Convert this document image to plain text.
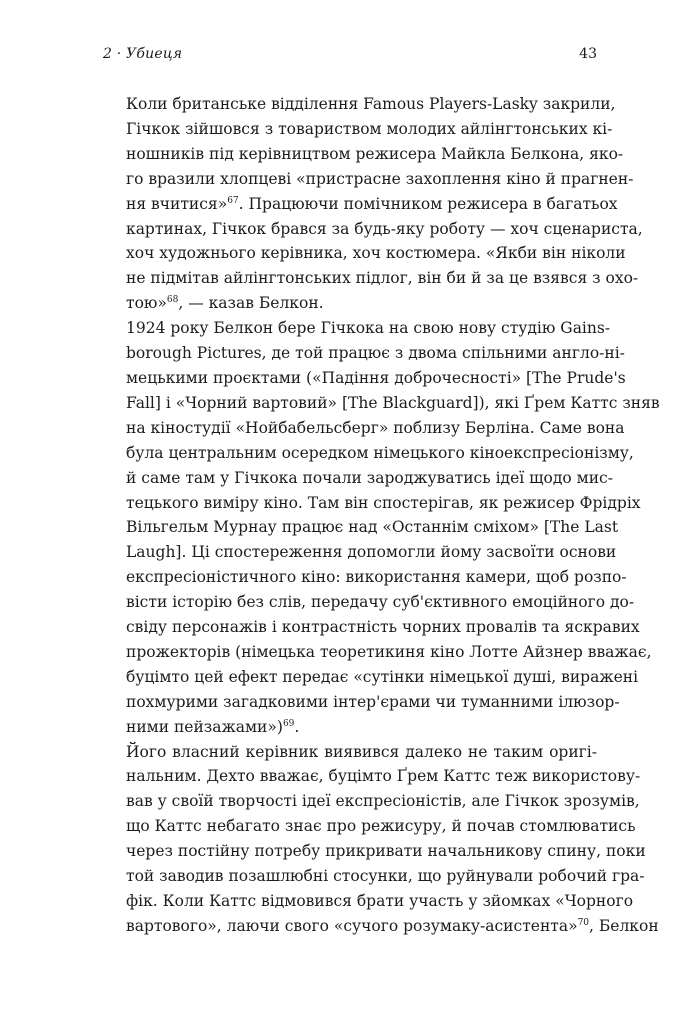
2 · Убиеця	43

Коли британське відділення Famous Players-Lasky закрили,
Гічкок зійшовся з товариством молодих айлінгтонських кі-
ношників під керівництвом режисера Майкла Белкона, яко-
го вразили хлопцеві «пристрасне захоплення кіно й прагнен-
ня вчитися»$^{67}$. Працюючи помічником режисера в багатьох
картинах, Гічкок брався за будь-яку роботу — хоч сценариста,
хоч художнього керівника, хоч костюмера. «Якби він ніколи
не підмітав айлінгтонських підлог, він би й за це взявся з охо-
тою»$^{68}$, — казав Белкон.

1924 року Белкон бере Гічкока на свою нову студію Gains-
borough Pictures, де той працює з двома спільними англо-ні-
мецькими проєктами («Падіння доброчесності» [The Prude's
Fall] і «Чорний вартовий» [The Blackguard]), які Ґрем Каттс зняв
на кіностудії «Нойбабельсберг» поблизу Берліна. Саме вона
була центральним осередком німецького кіноекспресіонізму,
й саме там у Гічкока почали зароджуватись ідеї щодо мис-
тецького виміру кіно. Там він спостерігав, як режисер Фрідріх
Вільгельм Мурнау працює над «Останнім сміхом» [The Last
Laugh]. Ці спостереження допомогли йому засвоїти основи
експресіоністичного кіно: використання камери, щоб розпо-
вісти історію без слів, передачу суб'єктивного емоційного до-
свіду персонажів і контрастність чорних провалів та яскравих
прожекторів (німецька теоретикиня кіно Лотте Айзнер вважає,
буцімто цей ефект передає «сутінки німецької душі, виражені
похмурими загадковими інтер'єрами чи туманними ілюзор-
ними пейзажами»)$^{69}$.

Його власний керівник виявився далеко не таким оригі-
нальним. Дехто вважає, буцімто Ґрем Каттс теж використову-
вав у своїй творчості ідеї експресіоністів, але Гічкок зрозумів,
що Каттс небагато знає про режисуру, й почав стомлюватись
через постійну потребу прикривати начальникову спину, поки
той заводив позашлюбні стосунки, що руйнували робочий гра-
фік. Коли Каттс відмовився брати участь у зйомках «Чорного
вартового», лаючи свого «сучого розумаку-асистента»$^{70}$, Белкон
